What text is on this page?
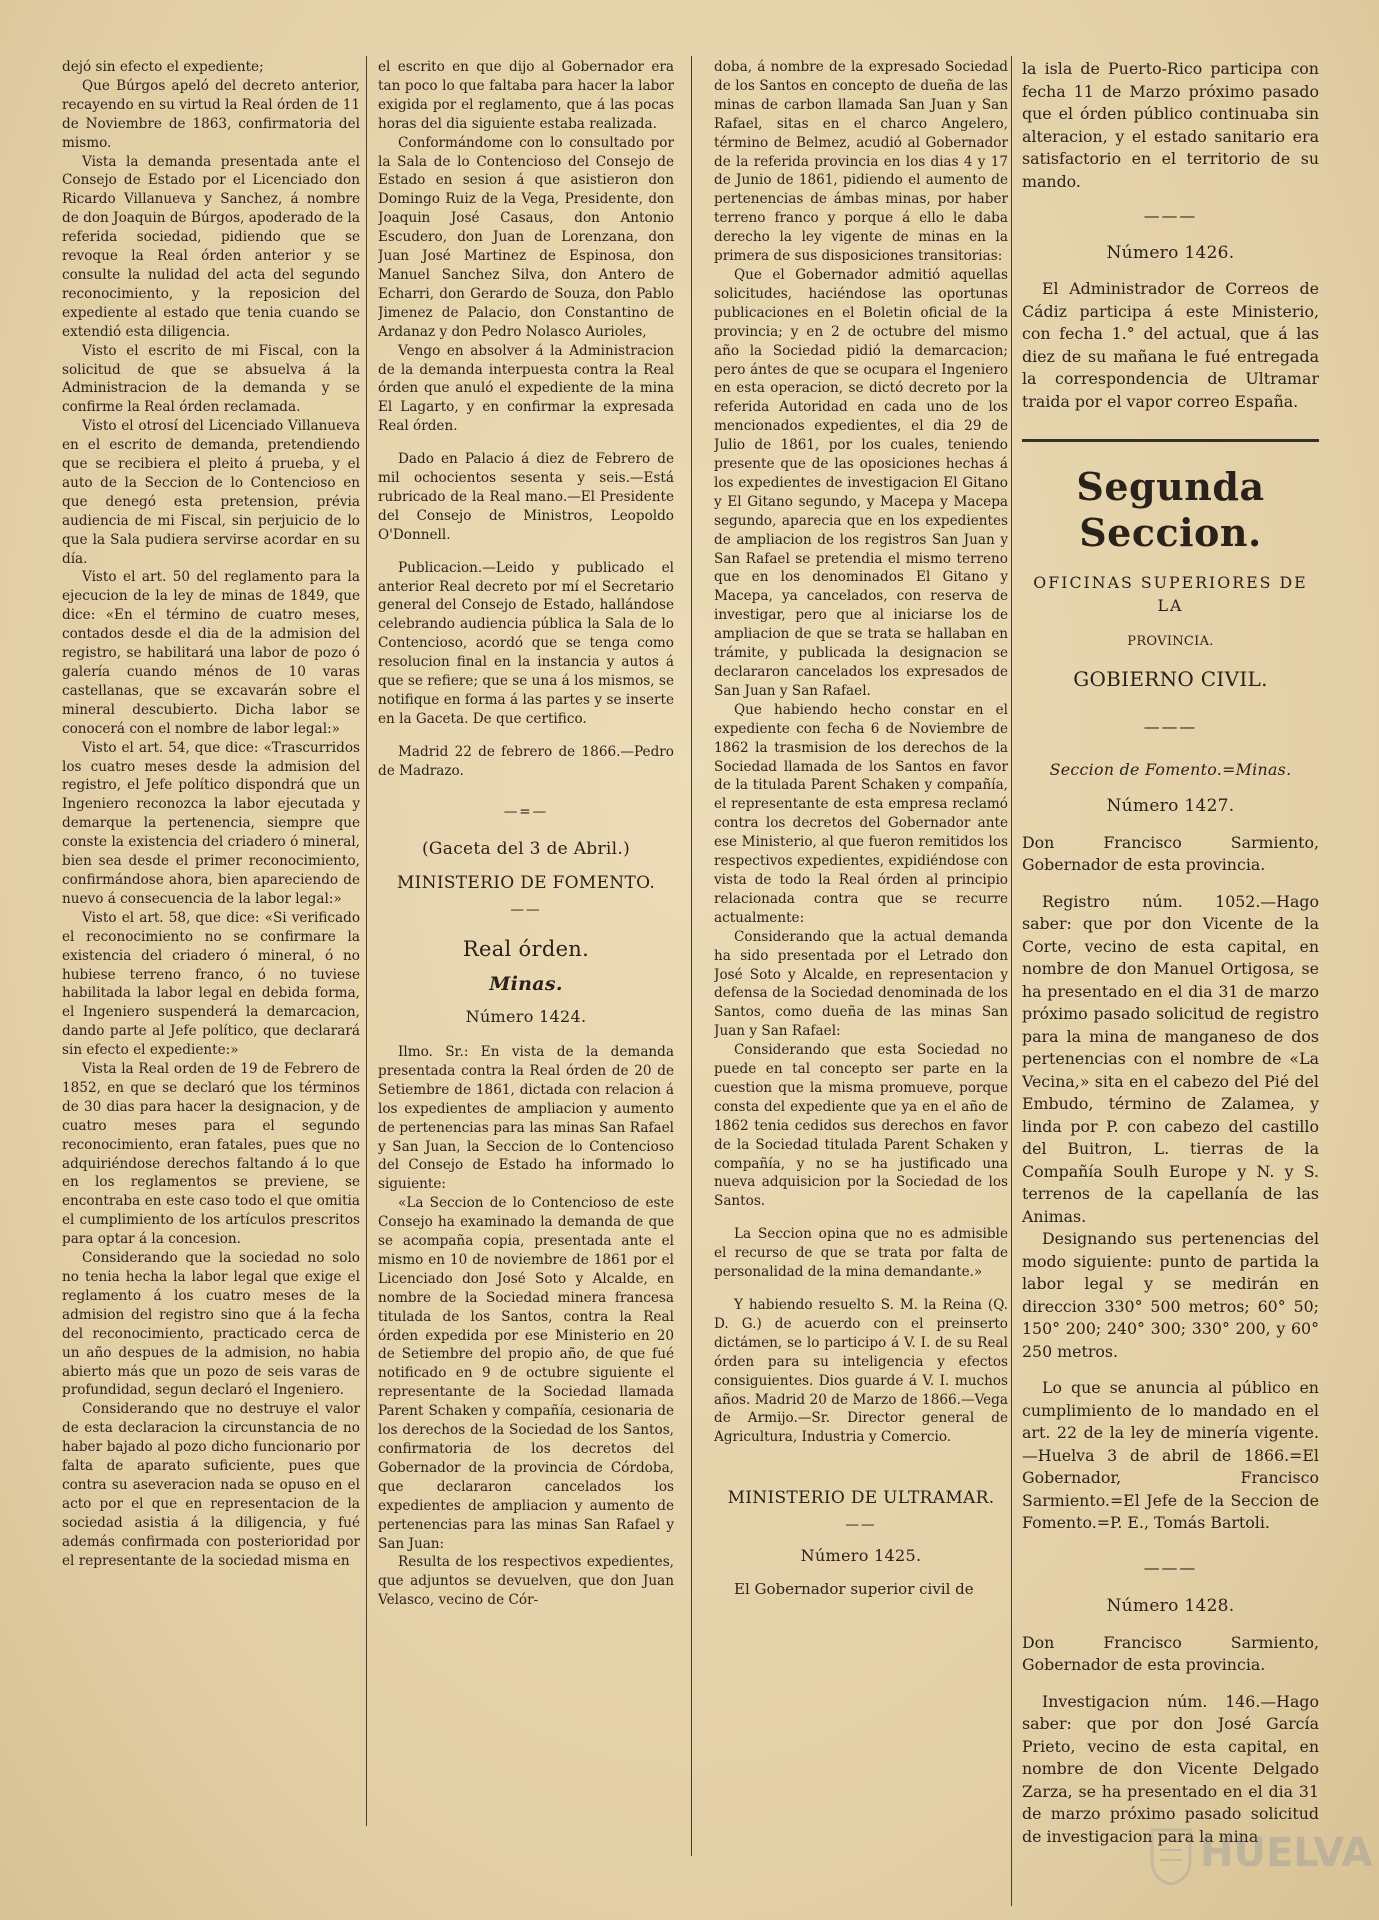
dejó sin efecto el expediente;

Que Búrgos apeló del decreto anterior, recayendo en su virtud la Real órden de 11 de Noviembre de 1863, confirmatoria del mismo.

Vista la demanda presentada ante el Consejo de Estado por el Licenciado don Ricardo Villanueva y Sanchez, á nombre de don Joaquin de Búrgos, apoderado de la referida sociedad, pidiendo que se revoque la Real órden anterior y se consulte la nulidad del acta del segundo reconocimiento, y la reposicion del expediente al estado que tenia cuando se extendió esta diligencia.

Visto el escrito de mi Fiscal, con la solicitud de que se absuelva á la Administracion de la demanda y se confirme la Real órden reclamada.

Visto el otrosí del Licenciado Villanueva en el escrito de demanda, pretendiendo que se recibiera el pleito á prueba, y el auto de la Seccion de lo Contencioso en que denegó esta pretension, prévia audiencia de mi Fiscal, sin perjuicio de lo que la Sala pudiera servirse acordar en su día.

Visto el art. 50 del reglamento para la ejecucion de la ley de minas de 1849, que dice: «En el término de cuatro meses, contados desde el dia de la admision del registro, se habilitará una labor de pozo ó galería cuando ménos de 10 varas castellanas, que se excavarán sobre el mineral descubierto. Dicha labor se conocerá con el nombre de labor legal:»

Visto el art. 54, que dice: «Trascurridos los cuatro meses desde la admision del registro, el Jefe político dispondrá que un Ingeniero reconozca la labor ejecutada y demarque la pertenencia, siempre que conste la existencia del criadero ó mineral, bien sea desde el primer reconocimiento, confirmándose ahora, bien apareciendo de nuevo á consecuencia de la labor legal:»

Visto el art. 58, que dice: «Si verificado el reconocimiento no se confirmare la existencia del criadero ó mineral, ó no hubiese terreno franco, ó no tuviese habilitada la labor legal en debida forma, el Ingeniero suspenderá la demarcacion, dando parte al Jefe político, que declarará sin efecto el expediente:»

Vista la Real orden de 19 de Febrero de 1852, en que se declaró que los términos de 30 dias para hacer la designacion, y de cuatro meses para el segundo reconocimiento, eran fatales, pues que no adquiriéndose derechos faltando á lo que en los reglamentos se previene, se encontraba en este caso todo el que omitia el cumplimiento de los artículos prescritos para optar á la concesion.

Considerando que la sociedad no solo no tenia hecha la labor legal que exige el reglamento á los cuatro meses de la admision del registro sino que á la fecha del reconocimiento, practicado cerca de un año despues de la admision, no habia abierto más que un pozo de seis varas de profundidad, segun declaró el Ingeniero.

Considerando que no destruye el valor de esta declaracion la circunstancia de no haber bajado al pozo dicho funcionario por falta de aparato suficiente, pues que contra su aseveracion nada se opuso en el acto por el que en representacion de la sociedad asistia á la diligencia, y fué además confirmada con posterioridad por el representante de la sociedad misma en

el escrito en que dijo al Gobernador era tan poco lo que faltaba para hacer la labor exigida por el reglamento, que á las pocas horas del dia siguiente estaba realizada.

Conformándome con lo consultado por la Sala de lo Contencioso del Consejo de Estado en sesion á que asistieron don Domingo Ruiz de la Vega, Presidente, don Joaquin José Casaus, don Antonio Escudero, don Juan de Lorenzana, don Juan José Martinez de Espinosa, don Manuel Sanchez Silva, don Antero de Echarri, don Gerardo de Souza, don Pablo Jimenez de Palacio, don Constantino de Ardanaz y don Pedro Nolasco Aurioles,

Vengo en absolver á la Administracion de la demanda interpuesta contra la Real órden que anuló el expediente de la mina El Lagarto, y en confirmar la expresada Real órden.

Dado en Palacio á diez de Febrero de mil ochocientos sesenta y seis.—Está rubricado de la Real mano.—El Presidente del Consejo de Ministros, Leopoldo O'Donnell.

Publicacion.—Leido y publicado el anterior Real decreto por mí el Secretario general del Consejo de Estado, hallándose celebrando audiencia pública la Sala de lo Contencioso, acordó que se tenga como resolucion final en la instancia y autos á que se refiere; que se una á los mismos, se notifique en forma á las partes y se inserte en la Gaceta. De que certifico.

Madrid 22 de febrero de 1866.—Pedro de Madrazo.

—=—
(Gaceta del 3 de Abril.)
MINISTERIO DE FOMENTO.
——
Real órden.
Minas.
Número 1424.

Ilmo. Sr.: En vista de la demanda presentada contra la Real órden de 20 de Setiembre de 1861, dictada con relacion á los expedientes de ampliacion y aumento de pertenencias para las minas San Rafael y San Juan, la Seccion de lo Contencioso del Consejo de Estado ha informado lo siguiente:

«La Seccion de lo Contencioso de este Consejo ha examinado la demanda de que se acompaña copia, presentada ante el mismo en 10 de noviembre de 1861 por el Licenciado don José Soto y Alcalde, en nombre de la Sociedad minera francesa titulada de los Santos, contra la Real órden expedida por ese Ministerio en 20 de Setiembre del propio año, de que fué notificado en 9 de octubre siguiente el representante de la Sociedad llamada Parent Schaken y compañía, cesionaria de los derechos de la Sociedad de los Santos, confirmatoria de los decretos del Gobernador de la provincia de Córdoba, que declararon cancelados los expedientes de ampliacion y aumento de pertenencias para las minas San Rafael y San Juan:

Resulta de los respectivos expedientes, que adjuntos se devuelven, que don Juan Velasco, vecino de Cór-

doba, á nombre de la expresado Sociedad de los Santos en concepto de dueña de las minas de carbon llamada San Juan y San Rafael, sitas en el charco Angelero, término de Belmez, acudió al Gobernador de la referida provincia en los dias 4 y 17 de Junio de 1861, pidiendo el aumento de pertenencias de ámbas minas, por haber terreno franco y porque á ello le daba derecho la ley vigente de minas en la primera de sus disposiciones transitorias:

Que el Gobernador admitió aquellas solicitudes, haciéndose las oportunas publicaciones en el Boletin oficial de la provincia; y en 2 de octubre del mismo año la Sociedad pidió la demarcacion; pero ántes de que se ocupara el Ingeniero en esta operacion, se dictó decreto por la referida Autoridad en cada uno de los mencionados expedientes, el dia 29 de Julio de 1861, por los cuales, teniendo presente que de las oposiciones hechas á los expedientes de investigacion El Gitano y El Gitano segundo, y Macepa y Macepa segundo, aparecia que en los expedientes de ampliacion de los registros San Juan y San Rafael se pretendia el mismo terreno que en los denominados El Gitano y Macepa, ya cancelados, con reserva de investigar, pero que al iniciarse los de ampliacion de que se trata se hallaban en trámite, y publicada la designacion se declararon cancelados los expresados de San Juan y San Rafael.

Que habiendo hecho constar en el expediente con fecha 6 de Noviembre de 1862 la trasmision de los derechos de la Sociedad llamada de los Santos en favor de la titulada Parent Schaken y compañía, el representante de esta empresa reclamó contra los decretos del Gobernador ante ese Ministerio, al que fueron remitidos los respectivos expedientes, expidiéndose con vista de todo la Real órden al principio relacionada contra que se recurre actualmente:

Considerando que la actual demanda ha sido presentada por el Letrado don José Soto y Alcalde, en representacion y defensa de la Sociedad denominada de los Santos, como dueña de las minas San Juan y San Rafael:

Considerando que esta Sociedad no puede en tal concepto ser parte en la cuestion que la misma promueve, porque consta del expediente que ya en el año de 1862 tenia cedidos sus derechos en favor de la Sociedad titulada Parent Schaken y compañía, y no se ha justificado una nueva adquisicion por la Sociedad de los Santos.

La Seccion opina que no es admisible el recurso de que se trata por falta de personalidad de la mina demandante.»

Y habiendo resuelto S. M. la Reina (Q. D. G.) de acuerdo con el preinserto dictámen, se lo participo á V. I. de su Real órden para su inteligencia y efectos consiguientes. Dios guarde á V. I. muchos años. Madrid 20 de Marzo de 1866.—Vega de Armijo.—Sr. Director general de Agricultura, Industria y Comercio.

MINISTERIO DE ULTRAMAR.
——
Número 1425.

El Gobernador superior civil de

la isla de Puerto-Rico participa con fecha 11 de Marzo próximo pasado que el órden público continuaba sin alteracion, y el estado sanitario era satisfactorio en el territorio de su mando.

———
Número 1426.

El Administrador de Correos de Cádiz participa á este Ministerio, con fecha 1.° del actual, que á las diez de su mañana le fué entregada la correspondencia de Ultramar traida por el vapor correo España.

Segunda Seccion.
OFICINAS SUPERIORES DE LA
PROVINCIA.
GOBIERNO CIVIL.
———
Seccion de Fomento.=Minas.
Número 1427.

Don Francisco Sarmiento, Gobernador de esta provincia.

Registro núm. 1052.—Hago saber: que por don Vicente de la Corte, vecino de esta capital, en nombre de don Manuel Ortigosa, se ha presentado en el dia 31 de marzo próximo pasado solicitud de registro para la mina de manganeso de dos pertenencias con el nombre de «La Vecina,» sita en el cabezo del Pié del Embudo, término de Zalamea, y linda por P. con cabezo del castillo del Buitron, L. tierras de la Compañía Soulh Europe y N. y S. terrenos de la capellanía de las Animas.

Designando sus pertenencias del modo siguiente: punto de partida la labor legal y se medirán en direccion 330° 500 metros; 60° 50; 150° 200; 240° 300; 330° 200, y 60° 250 metros.

Lo que se anuncia al público en cumplimiento de lo mandado en el art. 22 de la ley de minería vigente. —Huelva 3 de abril de 1866.=El Gobernador, Francisco Sarmiento.=El Jefe de la Seccion de Fomento.=P. E., Tomás Bartoli.

———
Número 1428.

Don Francisco Sarmiento, Gobernador de esta provincia.

Investigacion núm. 146.—Hago saber: que por don José García Prieto, vecino de esta capital, en nombre de don Vicente Delgado Zarza, se ha presentado en el dia 31 de marzo próximo pasado solicitud de investigacion para la mina

HUELVA
